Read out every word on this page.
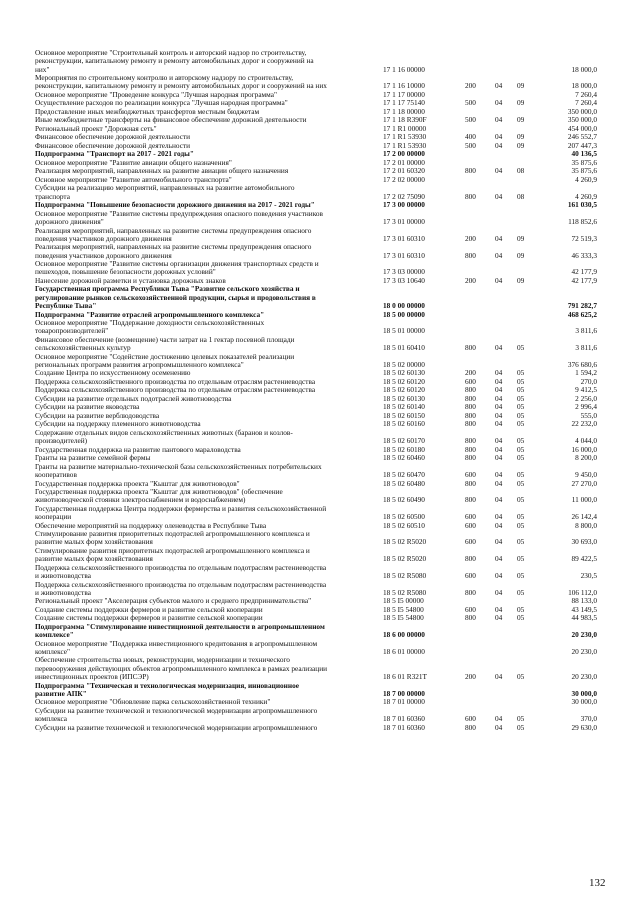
Основное мероприятие "Строительный контроль и авторский надзор по строительству,
реконструкции, капитальному ремонту и ремонту автомобильных дорог и сооружений на
них"	17 1 16 00000	18 000,0
Мероприятия по строительному контролю и авторскому надзору по строительству,
реконструкции, капитальному ремонту и ремонту автомобильных дорог и сооружений на них	17 1 16 10000	200	04	09	18 000,0
Основное мероприятие "Проведение конкурса "Лучшая народная программа"	17 1 17 00000	7 260,4
Осуществление расходов по реализации конкурса "Лучшая народная программа"	17 1 17 75140	500	04	09	7 260,4
Предоставление иных межбюджетных трансфертов местным бюджетам	17 1 18 00000	350 000,0
Иные межбюджетные трансферты на финансовое обеспечение дорожной деятельности	17 1 18 R390F	500	04	09	350 000,0
Региональный проект "Дорожная сеть"	17 1 R1 00000	454 000,0
Финансовое обеспечение дорожной деятельности	17 1 R1 53930	400	04	09	246 552,7
Финансовое обеспечение дорожной деятельности	17 1 R1 53930	500	04	09	207 447,3
Подпрограмма "Транспорт на 2017 - 2021 годы"	17 2 00 00000	40 136,5
Основное мероприятие "Развитие авиации общего назначения"	17 2 01 00000	35 875,6
Реализация мероприятий, направленных на развитие авиации общего назначения	17 2 01 60320	800	04	08	35 875,6
Основное мероприятие "Развитие автомобильного транспорта"	17 2 02 00000	4 260,9
Субсидии на реализацию мероприятий, направленных на развитие автомобильного
транспорта	17 2 02 75090	800	04	08	4 260,9
Подпрограмма "Повышение безопасности дорожного движения на 2017 - 2021 годы"	17 3 00 00000	161 030,5
Основное мероприятие "Развитие системы предупреждения опасного поведения участников
дорожного движения"	17 3 01 00000	118 852,6
Реализация мероприятий, направленных на развитие системы предупреждения опасного
поведения участников дорожного движения	17 3 01 60310	200	04	09	72 519,3
Реализация мероприятий, направленных на развитие системы предупреждения опасного
поведения участников дорожного движения	17 3 01 60310	800	04	09	46 333,3
Основное мероприятие "Развитие системы организации движения транспортных средств и
пешеходов, повышение безопасности дорожных условий"	17 3 03 00000	42 177,9
Нанесение дорожной разметки и установка дорожных знаков	17 3 03 10640	200	04	09	42 177,9
Государственная программа Республики Тыва "Развитие сельского хозяйства и
регулирование рынков сельскохозяйственной продукции, сырья и продовольствия в
Республике Тыва"	18 0 00 00000	791 282,7
Подпрограмма "Развитие отраслей агропромышленного комплекса"	18 5 00 00000	468 625,2
Основное мероприятие "Поддержание доходности сельскохозяйственных
товаропроизводителей"	18 5 01 00000	3 811,6
Финансовое обеспечение (возмещение) части затрат на 1 гектар посевной площади
сельскохозяйственных культур	18 5 01 60410	800	04	05	3 811,6
Основное мероприятие "Содействие достижению целевых показателей реализации
региональных программ развития агропромышленного комплекса"	18 5 02 00000	376 680,6
Создание Центра по искусственному осеменению	18 5 02 60130	200	04	05	1 594,2
Поддержка сельскохозяйственного производства по отдельным отраслям растениеводства	18 5 02 60120	600	04	05	270,0
Поддержка сельскохозяйственного производства по отдельным отраслям растениеводства	18 5 02 60120	800	04	05	9 412,5
Субсидии на развитие отдельных подотраслей животноводства	18 5 02 60130	800	04	05	2 256,0
Субсидии на развитие яководства	18 5 02 60140	800	04	05	2 996,4
Субсидии на развитие верблюдоводства	18 5 02 60150	800	04	05	555,0
Субсидии на поддержку племенного животноводства	18 5 02 60160	800	04	05	22 232,0
Содержание отдельных видов сельскохозяйственных животных (баранов и козлов-
производителей)	18 5 02 60170	800	04	05	4 044,0
Государственная поддержка на развитие пантового мараловодства	18 5 02 60180	800	04	05	16 000,0
Гранты на развитие семейной фермы	18 5 02 60460	800	04	05	8 200,0
Гранты на развитие материально-технической базы сельскохозяйственных потребительских
кооперативов	18 5 02 60470	600	04	05	9 450,0
Государственная поддержка проекта "Кыштаг для животноводов"	18 5 02 60480	800	04	05	27 270,0
Государственная поддержка проекта "Кыштаг для животноводов" (обеспечение
животноводческой стоянки электроснабжением и водоснабжением)	18 5 02 60490	800	04	05	11 000,0
Государственная поддержка Центра поддержки фермерства и развития сельскохозяйственной
кооперации	18 5 02 60500	600	04	05	26 142,4
Обеспечение мероприятий на поддержку оленеводства в Республике Тыва	18 5 02 60510	600	04	05	8 800,0
Стимулирование развития приоритетных подотраслей агропромышленного комплекса и
развитие малых форм хозяйствования	18 5 02 R5020	600	04	05	30 693,0
Стимулирование развития приоритетных подотраслей агропромышленного комплекса и
развитие малых форм хозяйствования	18 5 02 R5020	800	04	05	89 422,5
Поддержка сельскохозяйственного производства по отдельным подотраслям растениеводства
и животноводства	18 5 02 R5080	600	04	05	230,5
Поддержка сельскохозяйственного производства по отдельным подотраслям растениеводства
и животноводства	18 5 02 R5080	800	04	05	106 112,0
Региональный проект "Акселерация субъектов малого и среднего предпринимательства"	18 5 I5 00000	88 133,0
Создание системы поддержки фермеров и развитие сельской кооперации	18 5 I5 54800	600	04	05	43 149,5
Создание системы поддержки фермеров и развитие сельской кооперации	18 5 I5 54800	800	04	05	44 983,5
Подпрограмма "Стимулирование инвестиционной деятельности в агропромышленном
комплексе"	18 6 00 00000	20 230,0
Основное мероприятие "Поддержка инвестиционного кредитования в агропромышленном
комплексе"	18 6 01 00000	20 230,0
Обеспечение строительства новых, реконструкции, модернизации и технического
перевооружения действующих объектов агропромышленного комплекса в рамках реализации
инвестиционных проектов (ИПСЭР)	18 6 01 R321T	200	04	05	20 230,0
Подпрограмма "Техническая и технологическая модернизация, инновационное
развитие АПК"	18 7 00 00000	30 000,0
Основное мероприятие "Обновление парка сельскохозяйственной техники"	18 7 01 00000	30 000,0
Субсидии на развитие технической и технологической модернизации агропромышленного
комплекса	18 7 01 60360	600	04	05	370,0
Субсидии на развитие технической и технологической модернизации агропромышленного	18 7 01 60360	800	04	05	29 630,0
132
